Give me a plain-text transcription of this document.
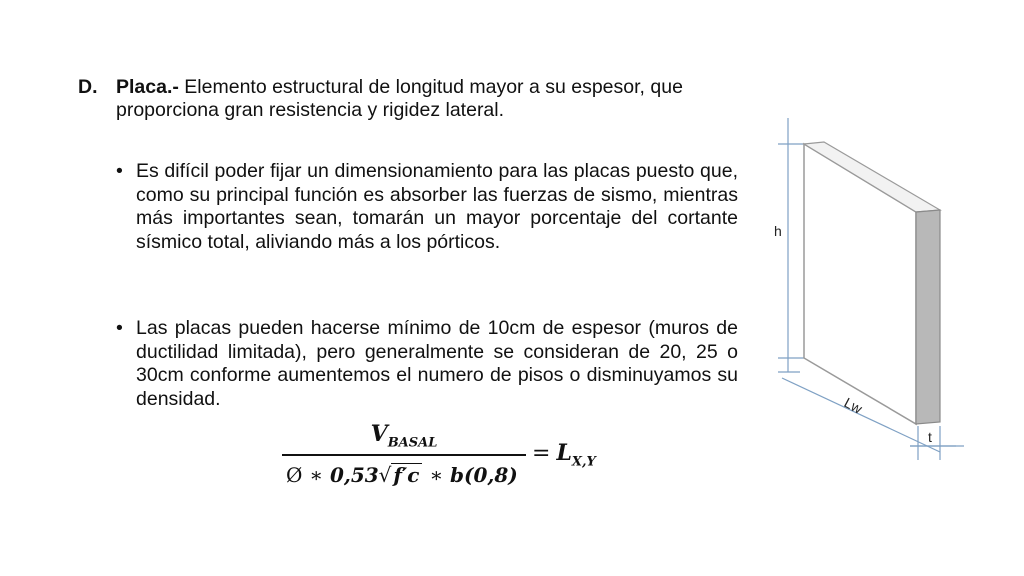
D. Placa.- Elemento estructural de longitud mayor a su espesor, que proporciona gran resistencia y rigidez lateral.
• Es difícil poder fijar un dimensionamiento para las placas puesto que, como su principal función es absorber las fuerzas de sismo, mientras más importantes sean, tomarán un mayor porcentaje del cortante sísmico total, aliviando más a los pórticos.
• Las placas pueden hacerse mínimo de 10cm de espesor (muros de ductilidad limitada), pero generalmente se consideran de 20, 25 o 30cm conforme aumentemos el numero de pisos o disminuyamos su densidad.
$V_{BASAL}$
Ø ∗ 0,53√ f′c ∗ b(0,8)
= $L_{X,Y}$
h
Lw
t
